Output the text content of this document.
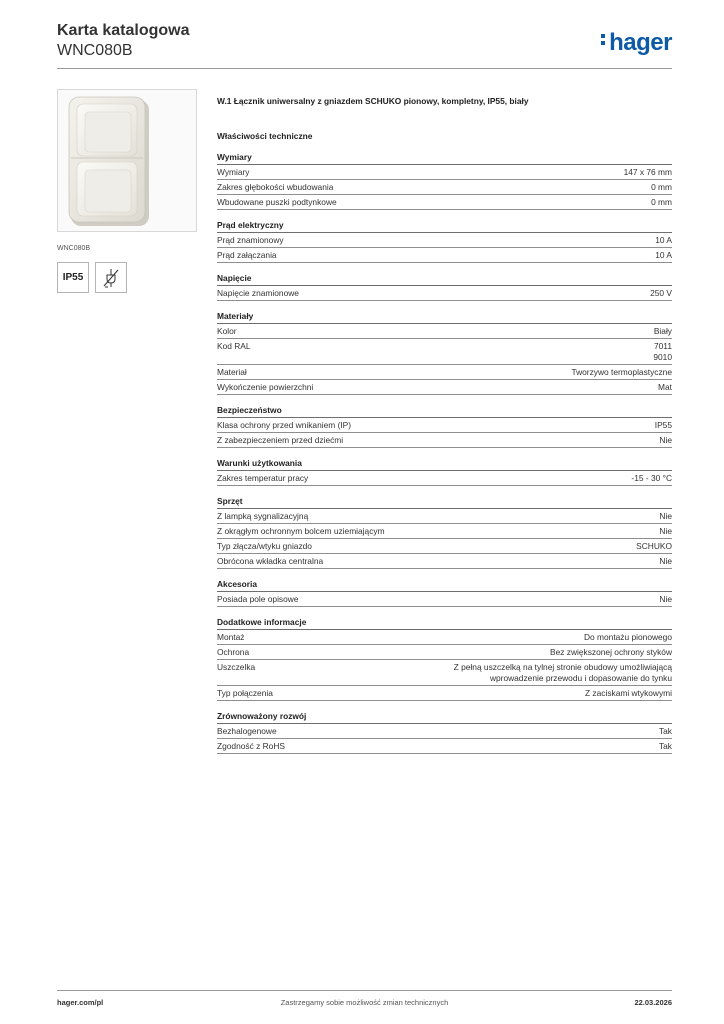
Karta katalogowa
WNC080B	hager
WNC080B
IP55
W.1 Łącznik uniwersalny z gniazdem SCHUKO pionowy, kompletny, IP55, biały
Właściwości techniczne
Wymiary
Wymiary	147 x 76 mm
Zakres głębokości wbudowania	0 mm
Wbudowane puszki podtynkowe	0 mm
Prąd elektryczny
Prąd znamionowy	10 A
Prąd załączania	10 A
Napięcie
Napięcie znamionowe	250 V
Materiały
Kolor	Biały
Kod RAL	7011
9010
Materiał	Tworzywo termoplastyczne
Wykończenie powierzchni	Mat
Bezpieczeństwo
Klasa ochrony przed wnikaniem (IP)	IP55
Z zabezpieczeniem przed dziećmi	Nie
Warunki użytkowania
Zakres temperatur pracy	-15 - 30 °C
Sprzęt
Z lampką sygnalizacyjną	Nie
Z okrągłym ochronnym bolcem uziemiającym	Nie
Typ złącza/wtyku gniazdo	SCHUKO
Obrócona wkładka centralna	Nie
Akcesoria
Posiada pole opisowe	Nie
Dodatkowe informacje
Montaż	Do montażu pionowego
Ochrona	Bez zwiększonej ochrony styków
Uszczelka	Z pełną uszczelką na tylnej stronie obudowy umożliwiającą
wprowadzenie przewodu i dopasowanie do tynku
Typ połączenia	Z zaciskami wtykowymi
Zrównoważony rozwój
Bezhalogenowe	Tak
Zgodność z RoHS	Tak
hager.com/pl	Zastrzegamy sobie możliwość zmian technicznych	22.03.2026
